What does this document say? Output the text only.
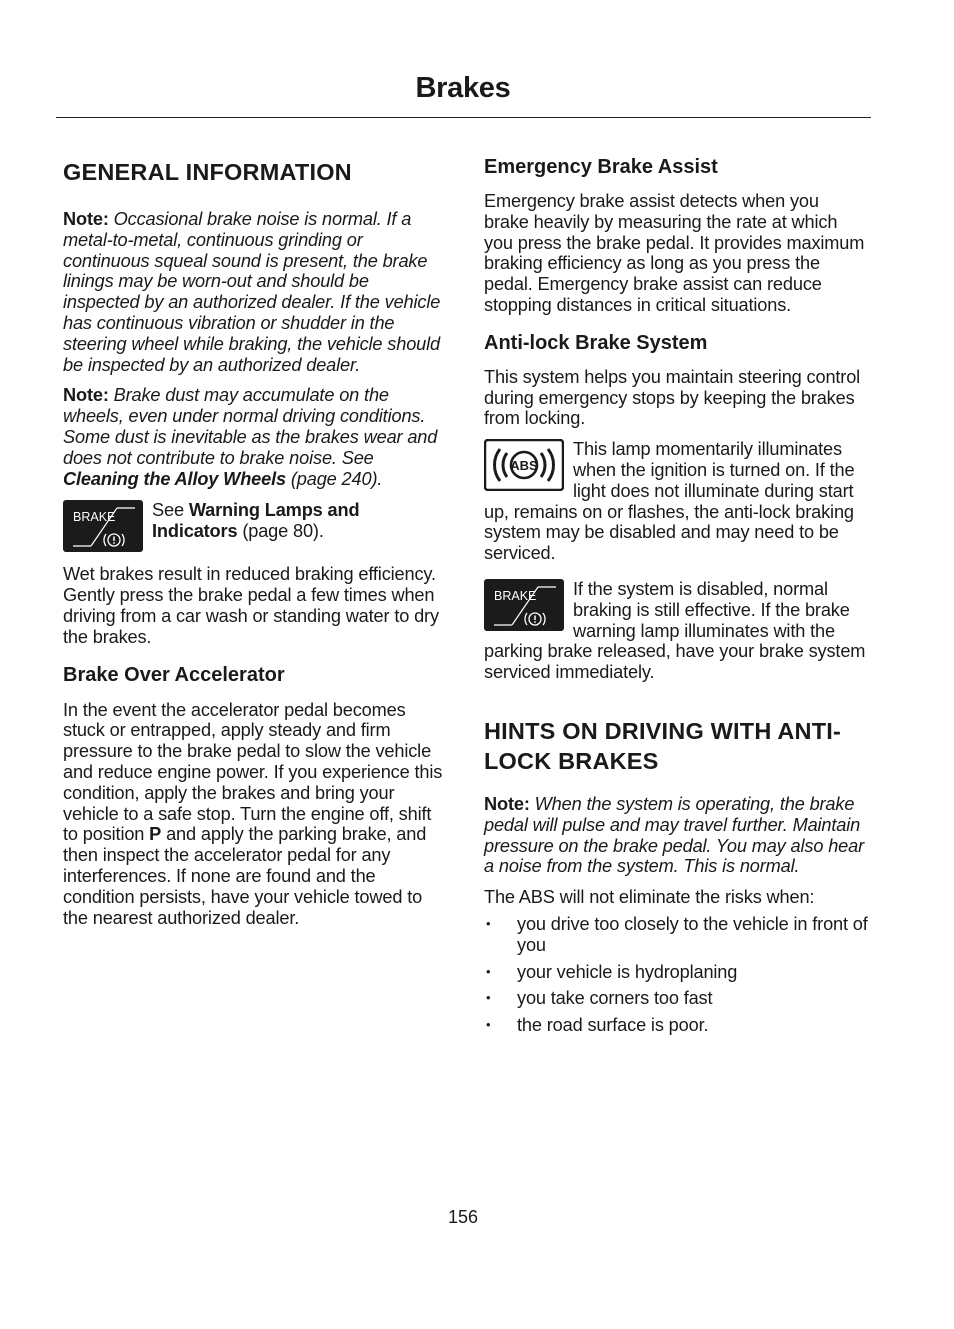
Brakes
GENERAL INFORMATION

Note: Occasional brake noise is normal. If a metal-to-metal, continuous grinding or continuous squeal sound is present, the brake linings may be worn-out and should be inspected by an authorized dealer. If the vehicle has continuous vibration or shudder in the steering wheel while braking, the vehicle should be inspected by an authorized dealer.

Note: Brake dust may accumulate on the wheels, even under normal driving conditions. Some dust is inevitable as the brakes wear and does not contribute to brake noise. See Cleaning the Alloy Wheels (page 240).

BRAKE	See Warning Lamps and Indicators (page 80).

Wet brakes result in reduced braking efficiency. Gently press the brake pedal a few times when driving from a car wash or standing water to dry the brakes.

Brake Over Accelerator

In the event the accelerator pedal becomes stuck or entrapped, apply steady and firm pressure to the brake pedal to slow the vehicle and reduce engine power. If you experience this condition, apply the brakes and bring your vehicle to a safe stop. Turn the engine off, shift to position P and apply the parking brake, and then inspect the accelerator pedal for any interferences. If none are found and the condition persists, have your vehicle towed to the nearest authorized dealer.

Emergency Brake Assist

Emergency brake assist detects when you brake heavily by measuring the rate at which you press the brake pedal. It provides maximum braking efficiency as long as you press the pedal. Emergency brake assist can reduce stopping distances in critical situations.

Anti-lock Brake System

This system helps you maintain steering control during emergency stops by keeping the brakes from locking.

ABS

This lamp momentarily illuminates when the ignition is turned on. If the light does not illuminate during start up, remains on or flashes, the anti-lock braking system may be disabled and may need to be serviced.

BRAKE	If the system is disabled, normal braking is still effective. If the brake warning lamp illuminates with the parking brake released, have your brake system serviced immediately.

HINTS ON DRIVING WITH ANTI-LOCK BRAKES

Note: When the system is operating, the brake pedal will pulse and may travel further. Maintain pressure on the brake pedal. You may also hear a noise from the system. This is normal.

The ABS will not eliminate the risks when:

• you drive too closely to the vehicle in front of you
• your vehicle is hydroplaning
• you take corners too fast
• the road surface is poor.
156
